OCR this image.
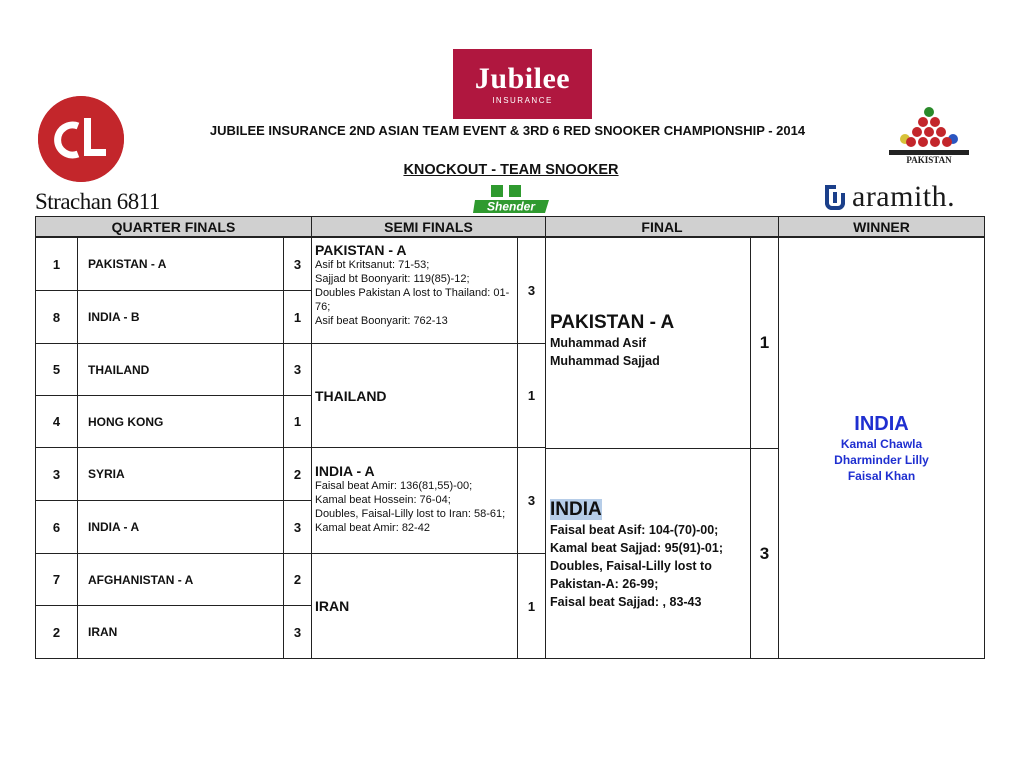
Jubilee
INSURANCE
Strachan 6811
PAKISTAN
aramith.
Shender
JUBILEE INSURANCE 2ND ASIAN TEAM EVENT & 3RD 6 RED SNOOKER CHAMPIONSHIP - 2014
KNOCKOUT - TEAM SNOOKER
QUARTER FINALS	SEMI FINALS	FINAL	WINNER
1	PAKISTAN - A	3
8	INDIA - B	1
5	THAILAND	3
4	HONG KONG	1
3	SYRIA	2
6	INDIA - A	3
7	AFGHANISTAN - A	2
2	IRAN	3
PAKISTAN - A
Asif bt Kritsanut: 71-53;
Sajjad bt Boonyarit: 119(85)-12;
Doubles Pakistan A lost to Thailand: 01-76;
Asif beat Boonyarit: 762-13
3
THAILAND	1
INDIA - A
Faisal beat Amir: 136(81,55)-00;
Kamal beat Hossein: 76-04;
Doubles, Faisal-Lilly lost to Iran: 58-61;
Kamal beat Amir: 82-42
3
IRAN	1
PAKISTAN - A
Muhammad Asif
Muhammad Sajjad
1
INDIA
Faisal beat Asif: 104-(70)-00;
Kamal beat Sajjad: 95(91)-01;
Doubles, Faisal-Lilly lost to Pakistan-A: 26-99;
Faisal beat Sajjad: , 83-43
3
INDIA
Kamal Chawla
Dharminder Lilly
Faisal Khan
